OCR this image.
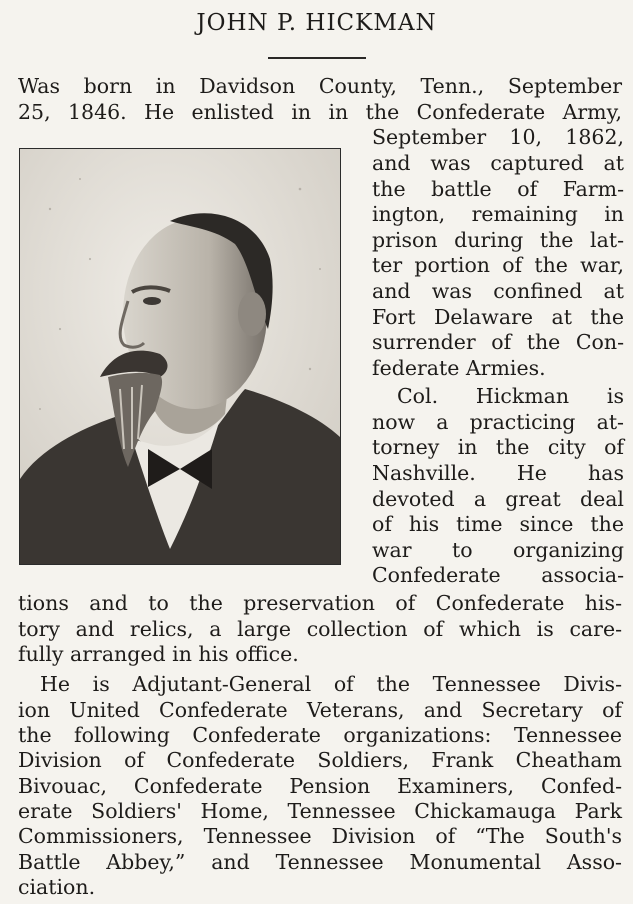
JOHN P. HICKMAN
Was born in Davidson County, Tenn., September
25, 1846. He enlisted in in the Confederate Army,
September 10, 1862,
and was captured at
the battle of Farm-
ington, remaining in
prison during the lat-
ter portion of the war,
and was confined at
Fort Delaware at the
surrender of the Con-
federate Armies.
Col. Hickman is
now a practicing at-
torney in the city of
Nashville. He has
devoted a great deal
of his time since the
war to organizing
Confederate associa-
tions and to the preservation of Confederate his-
tory and relics, a large collection of which is care-
fully arranged in his office.
He is Adjutant-General of the Tennessee Divis-
ion United Confederate Veterans, and Secretary of
the following Confederate organizations: Tennessee
Division of Confederate Soldiers, Frank Cheatham
Bivouac, Confederate Pension Examiners, Confed-
erate Soldiers' Home, Tennessee Chickamauga Park
Commissioners, Tennessee Division of “The South's
Battle Abbey,” and Tennessee Monumental Asso-
ciation.
